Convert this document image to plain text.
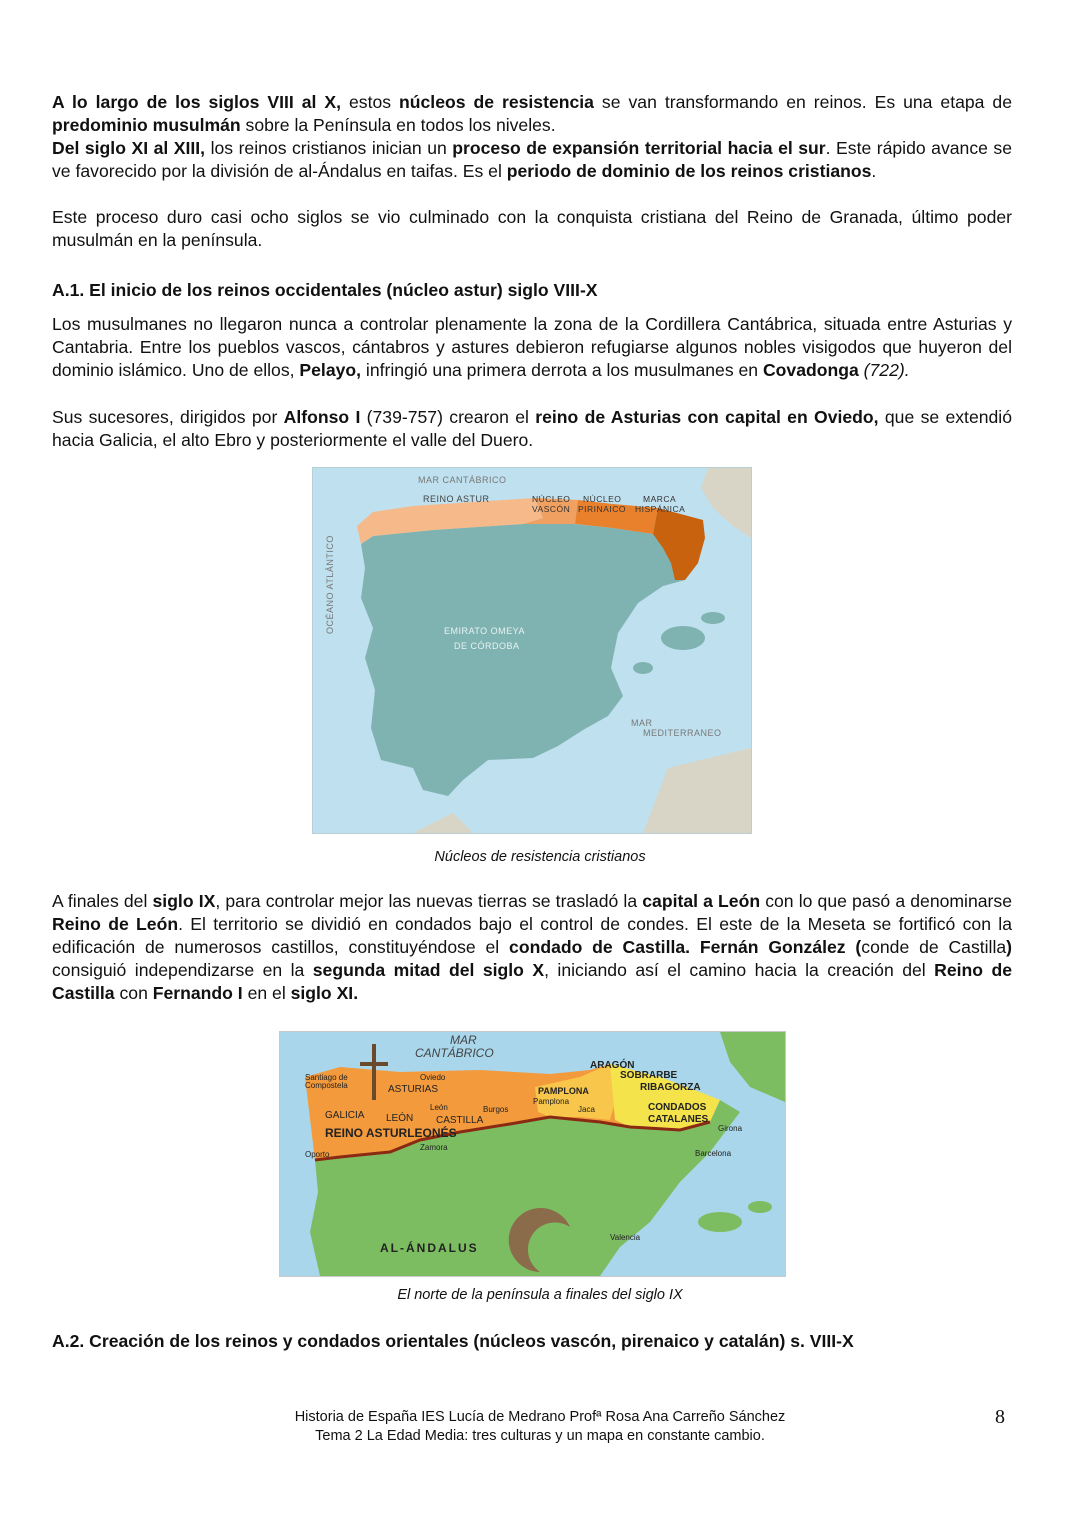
A lo largo de los siglos VIII al X, estos núcleos de resistencia se van transformando en reinos. Es una etapa de predominio musulmán sobre la Península en todos los niveles.

Del siglo XI al XIII, los reinos cristianos inician un proceso de expansión territorial hacia el sur. Este rápido avance se ve favorecido por la división de al-Ándalus en taifas. Es el periodo de dominio de los reinos cristianos.

Este proceso duro casi ocho siglos se vio culminado con la conquista cristiana del Reino de Granada, último poder musulmán en la península.

A.1. El inicio de los reinos occidentales (núcleo astur) siglo VIII-X

Los musulmanes no llegaron nunca a controlar plenamente la zona de la Cordillera Cantábrica, situada entre Asturias y Cantabria. Entre los pueblos vascos, cántabros y astures debieron refugiarse algunos nobles visigodos que huyeron del dominio islámico. Uno de ellos, Pelayo, infringió una primera derrota a los musulmanes en Covadonga (722).

Sus sucesores, dirigidos por Alfonso I (739-757) crearon el reino de Asturias con capital en Oviedo, que se extendió hacia Galicia, el alto Ebro y posteriormente el valle del Duero.

MAR CANTÁBRICO
REINO ASTUR	NÚCLEO
VASCÓN
NÚCLEO
PIRINAICO
MARCA
HISPÁNICA
OCÉANO ATLÁNTICO	EMIRATO OMEYA
DE CÓRDOBA
MAR
MEDITERRANEO

Núcleos de resistencia cristianos

A finales del siglo IX, para controlar mejor las nuevas tierras se trasladó la capital a León con lo que pasó a denominarse Reino de León. El territorio se dividió en condados bajo el control de condes. El este de la Meseta se fortificó con la edificación de numerosos castillos, constituyéndose el condado de Castilla. Fernán González (conde de Castilla) consiguió independizarse en la segunda mitad del siglo X, iniciando así el camino hacia la creación del Reino de Castilla con Fernando I en el siglo XI.

MAR
CANTÁBRICO
Santiago de
Compostela
Oviedo
ASTURIAS
GALICIA
León
LEÓN CASTILLA
Burgos
REINO ASTURLEONÉS
Oporto
Zamora
ARAGÓN
SOBRARBE
RIBAGORZA
PAMPLONA
Pamplona
Jaca	CONDADOS
CATALANES
Girona
Barcelona
Valencia
AL-ÁNDALUS

El norte de la península a finales del siglo IX

A.2. Creación de los reinos y condados orientales (núcleos vascón, pirenaico y catalán) s. VIII-X

Historia de España IES Lucía de Medrano Profª Rosa Ana Carreño Sánchez
Tema 2 La Edad Media: tres culturas y un mapa en constante cambio.
8
